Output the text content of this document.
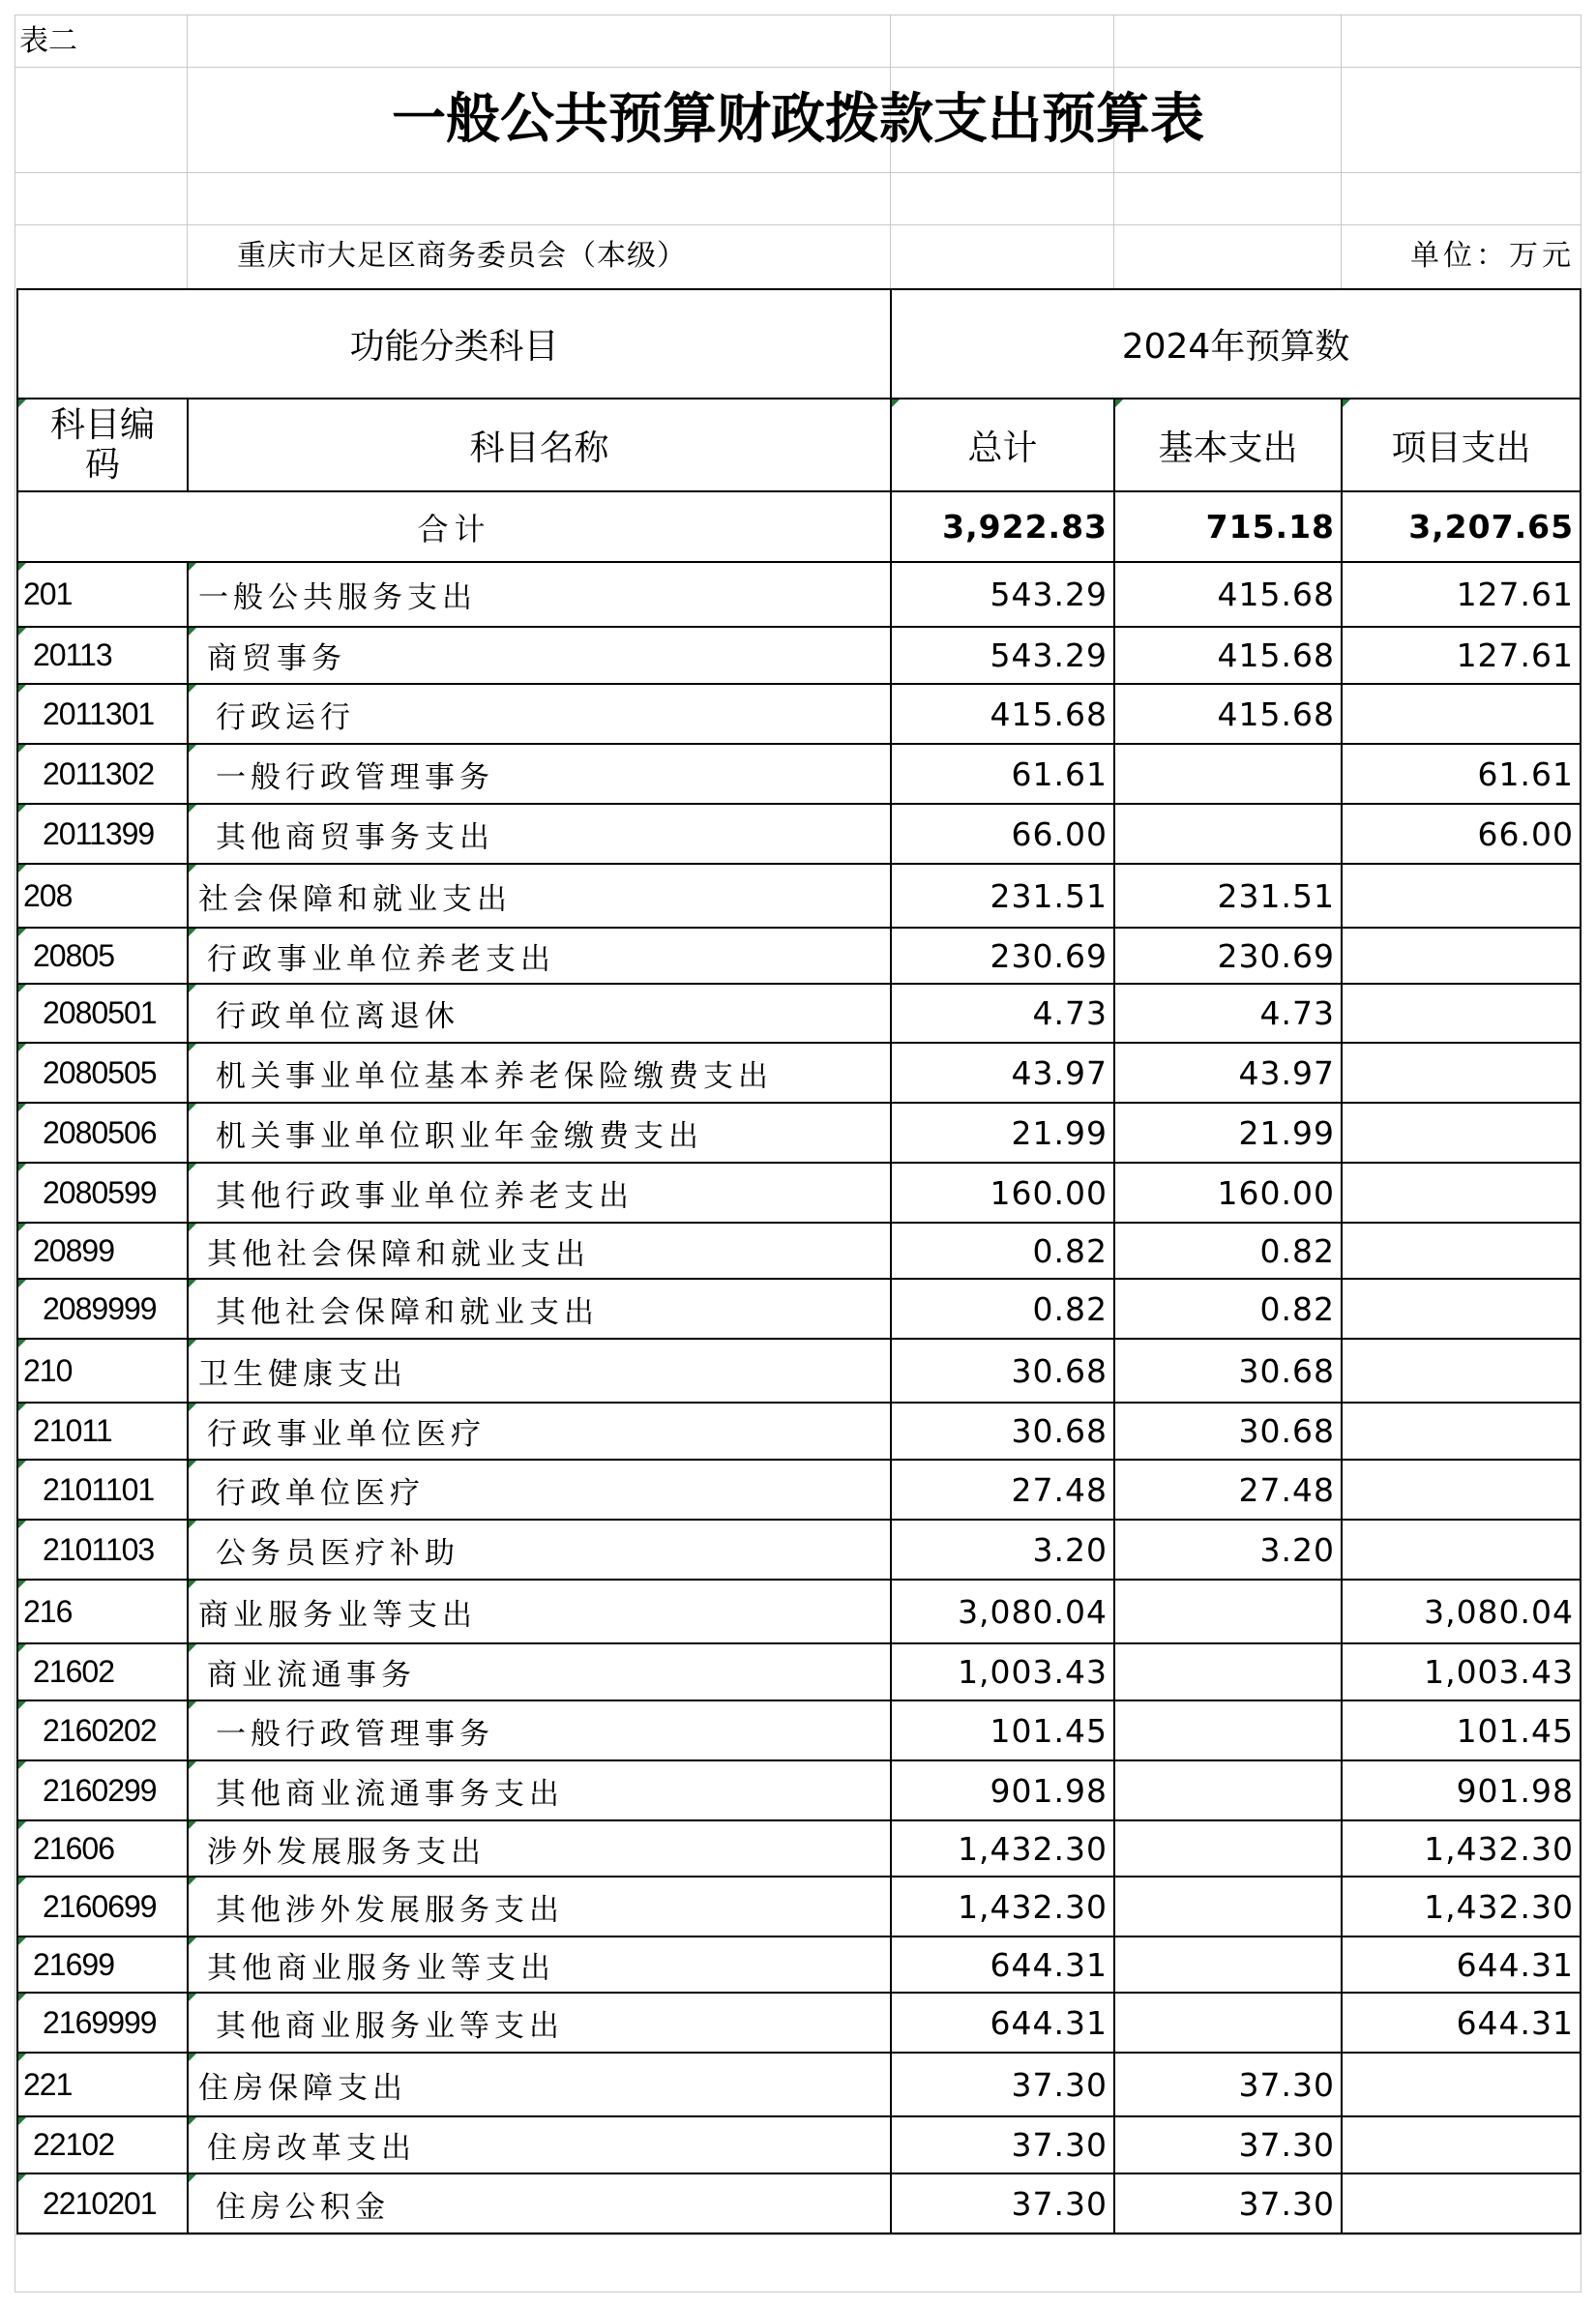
表二
一般公共预算财政拨款支出预算表
重庆市大足区商务委员会（本级）	单位：万元
功能分类科目		2024年预算数		

科目编码	科目名称	总计	基本支出	项目支出
合计		3,922.83	715.18	3,207.65

201	一般公共服务支出	543.29	415.68	127.61

20113	商贸事务	543.29	415.68	127.61

2011301	行政运行	415.68	415.68	

2011302	一般行政管理事务	61.61		61.61

2011399	其他商贸事务支出	66.00		66.00

208	社会保障和就业支出	231.51	231.51	

20805	行政事业单位养老支出	230.69	230.69	

2080501	行政单位离退休	4.73	4.73	

2080505	机关事业单位基本养老保险缴费支出	43.97	43.97	

2080506	机关事业单位职业年金缴费支出	21.99	21.99	

2080599	其他行政事业单位养老支出	160.00	160.00	

20899	其他社会保障和就业支出	0.82	0.82	

2089999	其他社会保障和就业支出	0.82	0.82	

210	卫生健康支出	30.68	30.68	

21011	行政事业单位医疗	30.68	30.68	

2101101	行政单位医疗	27.48	27.48	

2101103	公务员医疗补助	3.20	3.20	

216	商业服务业等支出	3,080.04		3,080.04

21602	商业流通事务	1,003.43		1,003.43

2160202	一般行政管理事务	101.45		101.45

2160299	其他商业流通事务支出	901.98		901.98

21606	涉外发展服务支出	1,432.30		1,432.30

2160699	其他涉外发展服务支出	1,432.30		1,432.30

21699	其他商业服务业等支出	644.31		644.31

2169999	其他商业服务业等支出	644.31		644.31

221	住房保障支出	37.30	37.30	

22102	住房改革支出	37.30	37.30	

2210201	住房公积金	37.30	37.30	
